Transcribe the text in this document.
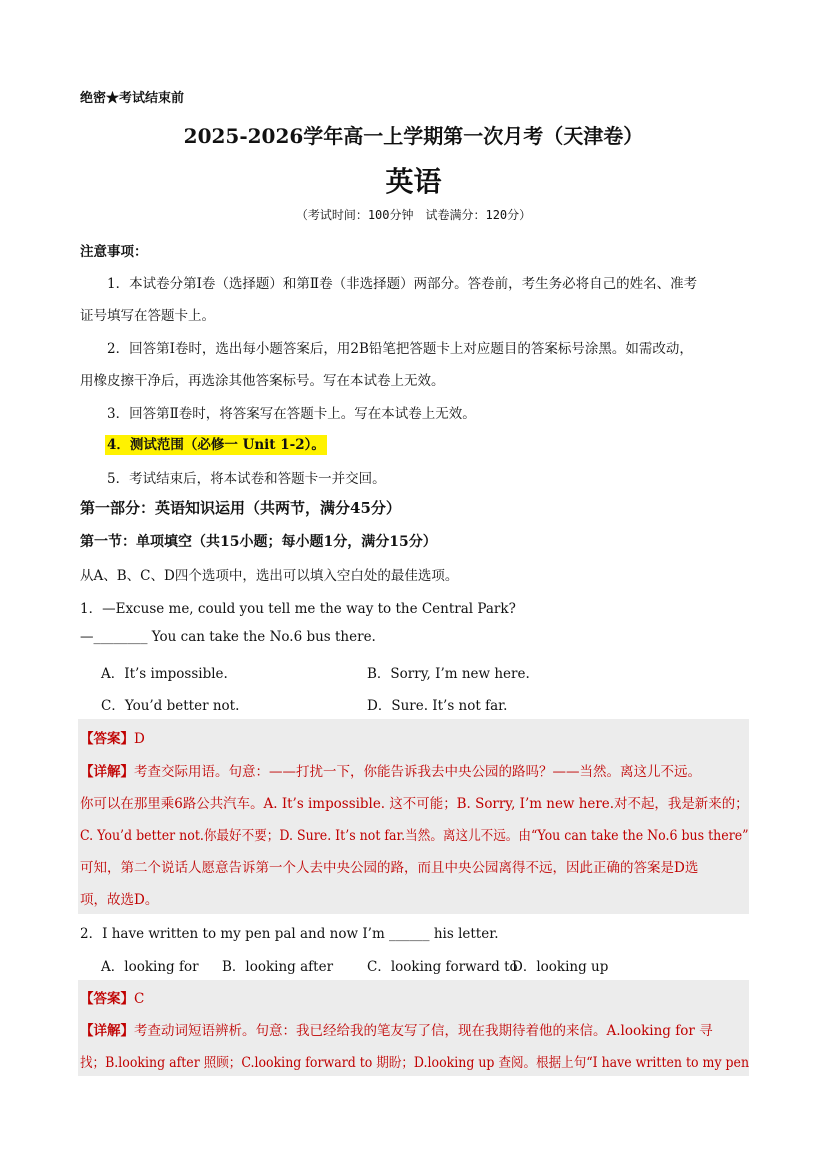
绝密★考试结束前
2025-2026学年高一上学期第一次月考（天津卷）
英语
（考试时间：100分钟　试卷满分：120分）
注意事项：
1．本试卷分第Ⅰ卷（选择题）和第Ⅱ卷（非选择题）两部分。答卷前，考生务必将自己的姓名、准考
证号填写在答题卡上。
2．回答第Ⅰ卷时，选出每小题答案后，用2B铅笔把答题卡上对应题目的答案标号涂黑。如需改动，
用橡皮擦干净后，再选涂其他答案标号。写在本试卷上无效。
3．回答第Ⅱ卷时，将答案写在答题卡上。写在本试卷上无效。
4．测试范围（必修一 Unit 1-2）。
5．考试结束后，将本试卷和答题卡一并交回。
第一部分：英语知识运用（共两节，满分45分）
第一节：单项填空（共15小题；每小题1分，满分15分）
从A、B、C、D四个选项中，选出可以填入空白处的最佳选项。
1．—Excuse me, could you tell me the way to the Central Park?
—________ You can take the No.6 bus there.
A．It’s impossible.	B．Sorry, I’m new here.
C．You’d better not.	D．Sure. It’s not far.
【答案】D
【详解】考查交际用语。句意：——打扰一下，你能告诉我去中央公园的路吗？——当然。离这儿不远。
你可以在那里乘6路公共汽车。A. It’s impossible. 这不可能；B. Sorry, I’m new here.对不起，我是新来的；
C. You’d better not.你最好不要；D. Sure. It’s not far.当然。离这儿不远。由“You can take the No.6 bus there”
可知，第二个说话人愿意告诉第一个人去中央公园的路，而且中央公园离得不远，因此正确的答案是D选
项，故选D。
2．I have written to my pen pal and now I’m ______ his letter.
A．looking for B．looking after	C．looking forward to
D．looking up
【答案】C
【详解】考查动词短语辨析。句意：我已经给我的笔友写了信，现在我期待着他的来信。A.looking for 寻
找；B.looking after 照顾；C.looking forward to 期盼；D.looking up 查阅。根据上句“I have written to my pen
